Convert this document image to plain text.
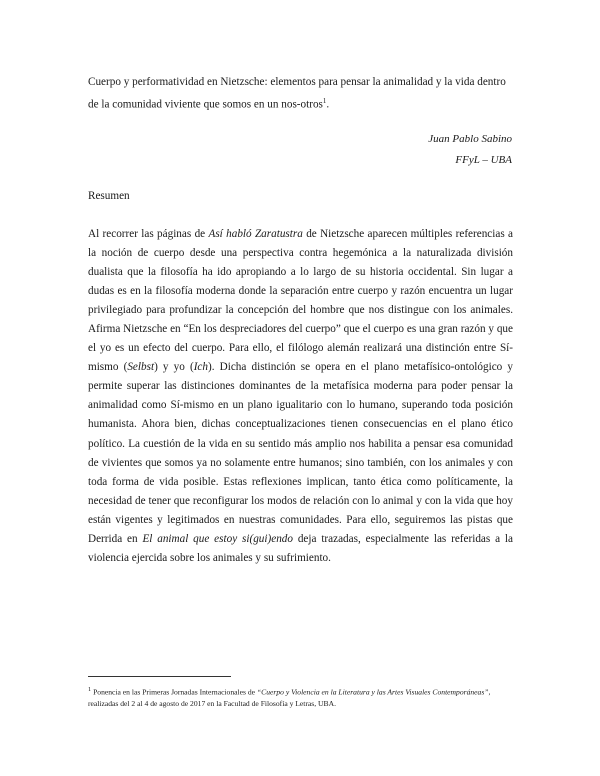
Cuerpo y performatividad en Nietzsche: elementos para pensar la animalidad y la vida dentro de la comunidad viviente que somos en un nos-otros$^1$.
Juan Pablo Sabino
FFyL – UBA
Resumen

Al recorrer las páginas de Así habló Zaratustra de Nietzsche aparecen múltiples referencias a la noción de cuerpo desde una perspectiva contra hegemónica a la naturalizada división dualista que la filosofía ha ido apropiando a lo largo de su historia occidental. Sin lugar a dudas es en la filosofía moderna donde la separación entre cuerpo y razón encuentra un lugar privilegiado para profundizar la concepción del hombre que nos distingue con los animales. Afirma Nietzsche en “En los despreciadores del cuerpo” que el cuerpo es una gran razón y que el yo es un efecto del cuerpo. Para ello, el filólogo alemán realizará una distinción entre Sí-mismo (Selbst) y yo (Ich). Dicha distinción se opera en el plano metafísico-ontológico y permite superar las distinciones dominantes de la metafísica moderna para poder pensar la animalidad como Sí-mismo en un plano igualitario con lo humano, superando toda posición humanista. Ahora bien, dichas conceptualizaciones tienen consecuencias en el plano ético político. La cuestión de la vida en su sentido más amplio nos habilita a pensar esa comunidad de vivientes que somos ya no solamente entre humanos; sino también, con los animales y con toda forma de vida posible. Estas reflexiones implican, tanto ética como políticamente, la necesidad de tener que reconfigurar los modos de relación con lo animal y con la vida que hoy están vigentes y legitimados en nuestras comunidades. Para ello, seguiremos las pistas que Derrida en El animal que estoy si(gui)endo deja trazadas, especialmente las referidas a la violencia ejercida sobre los animales y su sufrimiento.

$^1$ Ponencia en las Primeras Jornadas Internacionales de “Cuerpo y Violencia en la Literatura y las Artes Visuales Contemporáneas”, realizadas del 2 al 4 de agosto de 2017 en la Facultad de Filosofía y Letras, UBA.
